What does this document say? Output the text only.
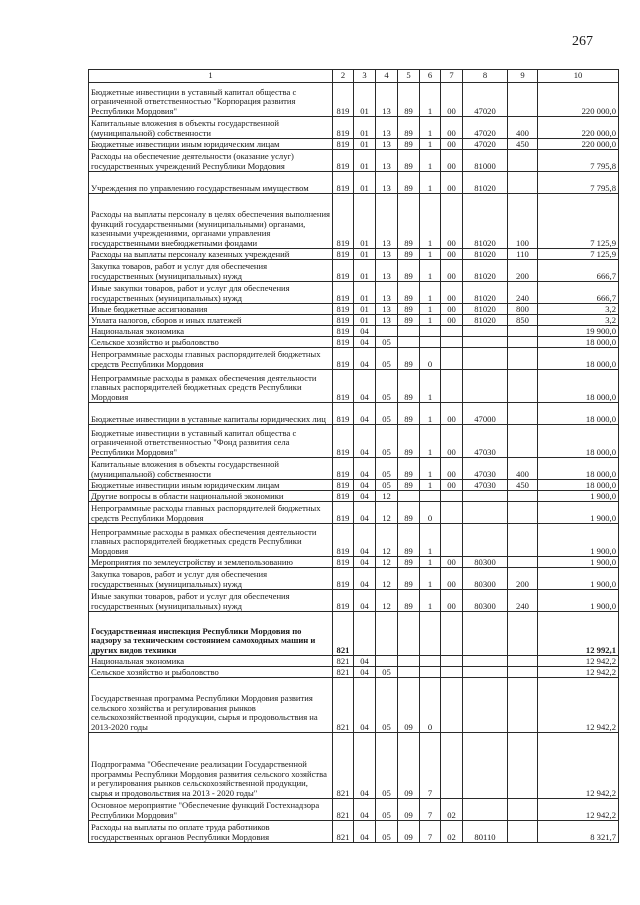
267
1	2	3	4	5	6	7	8	9	10
Бюджетные инвестиции в уставный капитал общества с ограниченной ответственностью "Корпорация развития Республики Мордовия"	819	01	13	89	1	00	47020		220 000,0
Капитальные вложения в объекты государственной (муниципальной) собственности	819	01	13	89	1	00	47020	400	220 000,0
Бюджетные инвестиции иным юридическим лицам	819	01	13	89	1	00	47020	450	220 000,0
Расходы на обеспечение деятельности (оказание услуг) государственных учреждений Республики Мордовия	819	01	13	89	1	00	81000		7 795,8
Учреждения по управлению государственным имуществом	819	01	13	89	1	00	81020		7 795,8
Расходы на выплаты персоналу в целях обеспечения выполнения функций государственными (муниципальными) органами, казенными учреждениями, органами управления государственными внебюджетными фондами	819	01	13	89	1	00	81020	100	7 125,9
Расходы на выплаты персоналу казенных учреждений	819	01	13	89	1	00	81020	110	7 125,9
Закупка товаров, работ и услуг для обеспечения государственных (муниципальных) нужд	819	01	13	89	1	00	81020	200	666,7
Иные закупки товаров, работ и услуг для обеспечения государственных (муниципальных) нужд	819	01	13	89	1	00	81020	240	666,7
Иные бюджетные ассигнования	819	01	13	89	1	00	81020	800	3,2
Уплата налогов, сборов и иных платежей	819	01	13	89	1	00	81020	850	3,2
Национальная экономика	819	04							19 900,0
Сельское хозяйство и рыболовство	819	04	05						18 000,0
Непрограммные расходы главных распорядителей бюджетных средств Республики Мордовия	819	04	05	89	0				18 000,0
Непрограммные расходы в рамках обеспечения деятельности главных распорядителей бюджетных средств Республики Мордовия	819	04	05	89	1				18 000,0
Бюджетные инвестиции в уставные капиталы юридических лиц	819	04	05	89	1	00	47000		18 000,0
Бюджетные инвестиции в уставный капитал общества с ограниченной ответственностью "Фонд развития села Республики Мордовия"	819	04	05	89	1	00	47030		18 000,0
Капитальные вложения в объекты государственной (муниципальной) собственности	819	04	05	89	1	00	47030	400	18 000,0
Бюджетные инвестиции иным юридическим лицам	819	04	05	89	1	00	47030	450	18 000,0
Другие вопросы в области национальной экономики	819	04	12						1 900,0
Непрограммные расходы главных распорядителей бюджетных средств Республики Мордовия	819	04	12	89	0				1 900,0
Непрограммные расходы в рамках обеспечения деятельности главных распорядителей бюджетных средств Республики Мордовия	819	04	12	89	1				1 900,0
Мероприятия по землеустройству и землепользованию	819	04	12	89	1	00	80300		1 900,0
Закупка товаров, работ и услуг для обеспечения государственных (муниципальных) нужд	819	04	12	89	1	00	80300	200	1 900,0
Иные закупки товаров, работ и услуг для обеспечения государственных (муниципальных) нужд	819	04	12	89	1	00	80300	240	1 900,0
Государственная инспекция Республики Мордовия по надзору за техническим состоянием самоходных машин и других видов техники	821								12 992,1
Национальная экономика	821	04							12 942,2
Сельское хозяйство и рыболовство	821	04	05						12 942,2
Государственная программа Республики Мордовия развития сельского хозяйства и регулирования рынков сельскохозяйственной продукции, сырья и продовольствия на 2013-2020 годы	821	04	05	09	0				12 942,2
Подпрограмма "Обеспечение реализации Государственной программы Республики Мордовия развития сельского хозяйства и регулирования рынков сельскохозяйственной продукции, сырья и продовольствия на 2013 - 2020 годы"	821	04	05	09	7				12 942,2
Основное мероприятие "Обеспечение функций Гостехнадзора Республики Мордовия"	821	04	05	09	7	02			12 942,2
Расходы на выплаты по оплате труда работников государственных органов Республики Мордовия	821	04	05	09	7	02	80110		8 321,7
